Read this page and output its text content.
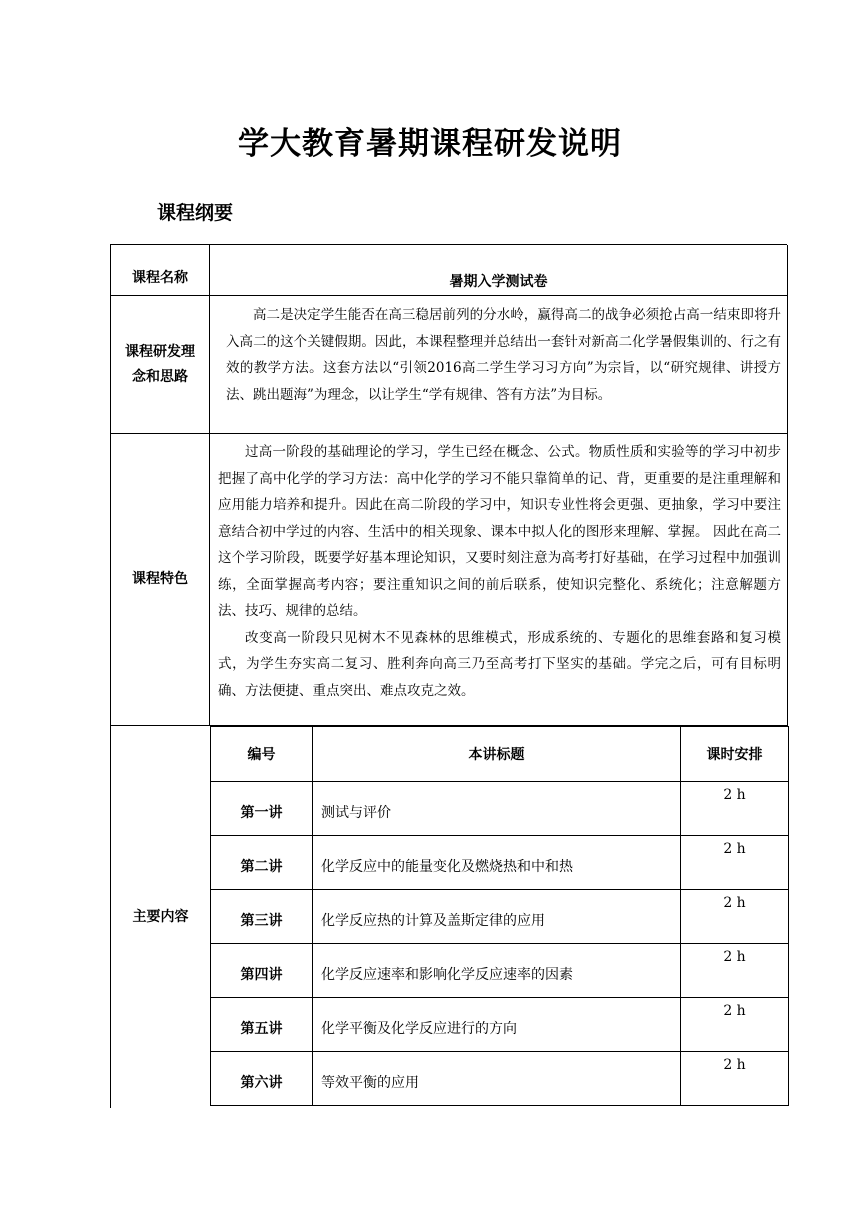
学大教育暑期课程研发说明
课程纲要
课程名称	暑期入学测试卷
课程研发理念和思路

高二是决定学生能否在高三稳居前列的分水岭，赢得高二的战争必须抢占高一结束即将升入高二的这个关键假期。因此，本课程整理并总结出一套针对新高二化学暑假集训的、行之有效的教学方法。这套方法以“引领2016高二学生学习习方向”为宗旨，以“研究规律、讲授方法、跳出题海”为理念，以让学生“学有规律、答有方法”为目标。

课程特色

过高一阶段的基础理论的学习，学生已经在概念、公式。物质性质和实验等的学习中初步把握了高中化学的学习方法：高中化学的学习不能只靠简单的记、背，更重要的是注重理解和应用能力培养和提升。因此在高二阶段的学习中，知识专业性将会更强、更抽象，学习中要注意结合初中学过的内容、生活中的相关现象、课本中拟人化的图形来理解、掌握。 因此在高二这个学习阶段，既要学好基本理论知识，又要时刻注意为高考打好基础，在学习过程中加强训练，全面掌握高考内容；要注重知识之间的前后联系，使知识完整化、系统化；注意解题方法、技巧、规律的总结。

改变高一阶段只见树木不见森林的思维模式，形成系统的、专题化的思维套路和复习模式，为学生夯实高二复习、胜利奔向高三乃至高考打下坚实的基础。学完之后，可有目标明确、方法便捷、重点突出、难点攻克之效。

主要内容
编号	本讲标题	课时安排
第一讲	测试与评价	2 h
第二讲	化学反应中的能量变化及燃烧热和中和热	2 h
第三讲	化学反应热的计算及盖斯定律的应用	2 h
第四讲	化学反应速率和影响化学反应速率的因素	2 h
第五讲	化学平衡及化学反应进行的方向	2 h
第六讲	等效平衡的应用	2 h
